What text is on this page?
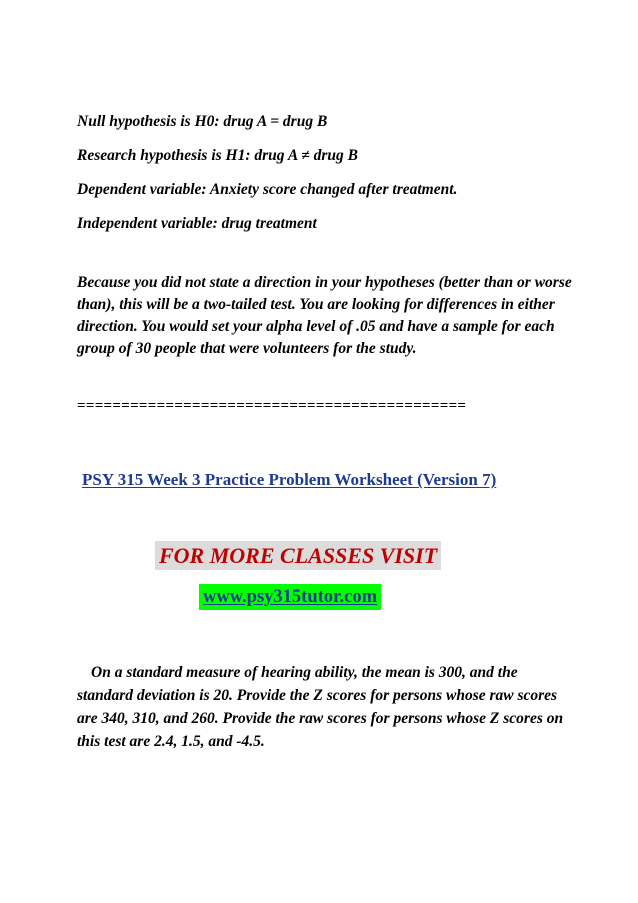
Null hypothesis is H0: drug A = drug B
Research hypothesis is H1: drug A ≠ drug B
Dependent variable: Anxiety score changed after treatment.
Independent variable: drug treatment
Because you did not state a direction in your hypotheses (better than or worse than), this will be a two-tailed test. You are looking for differences in either direction. You would set your alpha level of .05 and have a sample for each group of 30 people that were volunteers for the study.
============================================
PSY 315 Week 3 Practice Problem Worksheet (Version 7)
FOR MORE CLASSES VISIT
www.psy315tutor.com
On a standard measure of hearing ability, the mean is 300, and the standard deviation is 20. Provide the Z scores for persons whose raw scores are 340, 310, and 260. Provide the raw scores for persons whose Z scores on this test are 2.4, 1.5, and -4.5.
